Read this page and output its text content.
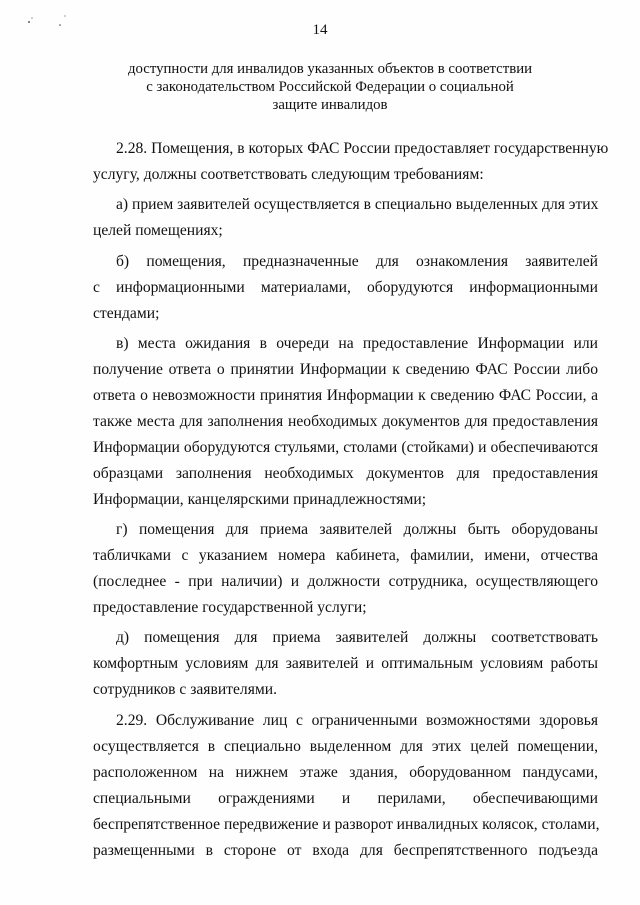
14
доступности для инвалидов указанных объектов в соответствии
с законодательством Российской Федерации о социальной
защите инвалидов

2.28. Помещения, в которых ФАС России предоставляет государственную
услугу, должны соответствовать следующим требованиям:

а) прием заявителей осуществляется в специально выделенных для этих
целей помещениях;

б) помещения, предназначенные для ознакомления заявителей
с информационными материалами, оборудуются информационными
стендами;

в) места ожидания в очереди на предоставление Информации или
получение ответа о принятии Информации к сведению ФАС России либо
ответа о невозможности принятия Информации к сведению ФАС России, а
также места для заполнения необходимых документов для предоставления
Информации оборудуются стульями, столами (стойками) и обеспечиваются
образцами заполнения необходимых документов для предоставления
Информации, канцелярскими принадлежностями;

г) помещения для приема заявителей должны быть оборудованы
табличками с указанием номера кабинета, фамилии, имени, отчества
(последнее - при наличии) и должности сотрудника, осуществляющего
предоставление государственной услуги;

д) помещения для приема заявителей должны соответствовать
комфортным условиям для заявителей и оптимальным условиям работы
сотрудников с заявителями.

2.29. Обслуживание лиц с ограниченными возможностями здоровья
осуществляется в специально выделенном для этих целей помещении,
расположенном на нижнем этаже здания, оборудованном пандусами,
специальными ограждениями и перилами, обеспечивающими
беспрепятственное передвижение и разворот инвалидных колясок, столами,
размещенными в стороне от входа для беспрепятственного подъезда
